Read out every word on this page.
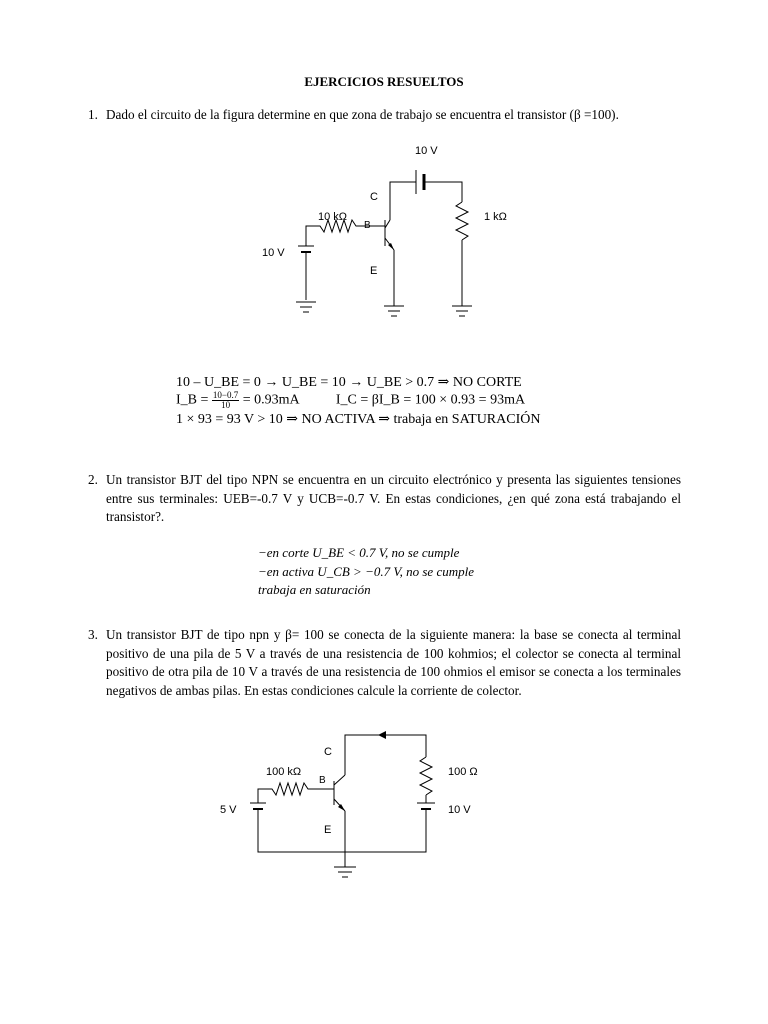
EJERCICIOS RESUELTOS
1. Dado el circuito de la figura determine en que zona de trabajo se encuentra el transistor (β =100).
10 V
C
B
E
10 kΩ	1 kΩ
10 V
10 – U_BE = 0 → U_BE = 10 → U_BE > 0.7 ⇒ NO CORTE
I_B = $\frac{10-0.7}{10} = 0.93mA$	I_C = βI_B = 100 × 0.93 = 93mA
1 × 93 = 93 V > 10 ⇒ NO ACTIVA ⇒ trabaja en SATURACIÓN
2. Un transistor BJT del tipo NPN se encuentra en un circuito electrónico y presenta las siguientes tensiones entre sus terminales: UEB=-0.7 V y UCB=-0.7 V. En estas condiciones, ¿en qué zona está trabajando el transistor?.
−en corte U_BE < 0.7 V, no se cumple
−en activa U_CB > −0.7 V, no se cumple
trabaja en saturación
3. Un transistor BJT de tipo npn y β= 100 se conecta de la siguiente manera: la base se conecta al terminal positivo de una pila de 5 V a través de una resistencia de 100 kohmios; el colector se conecta al terminal positivo de otra pila de 10 V a través de una resistencia de 100 ohmios el emisor se conecta a los terminales negativos de ambas pilas. En estas condiciones calcule la corriente de colector.
C
B
E
100 kΩ	100 Ω
5 V	10 V
